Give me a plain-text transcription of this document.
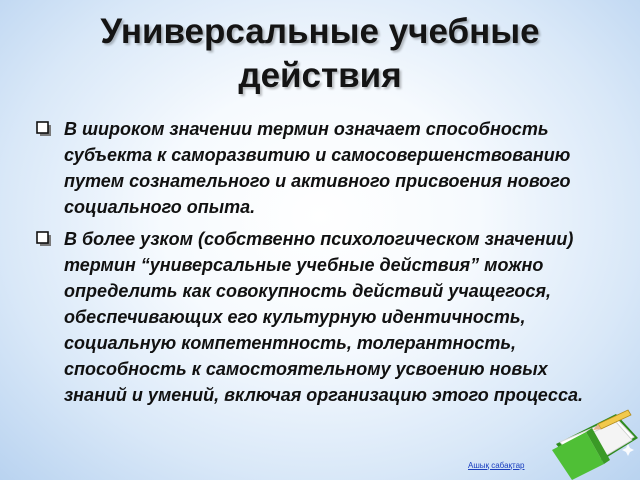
Универсальные учебные
действия
В широком значении термин означает способность субъекта к саморазвитию и самосовершенствованию путем сознательного и активного присвоения нового социального опыта.
В более узком (собственно психологическом значении) термин “универсальные учебные действия” можно определить как совокупность действий учащегося, обеспечивающих его культурную идентичность, социальную компетентность, толерантность, способность к самостоятельному усвоению новых знаний и умений, включая организацию этого процесса.
Ашық сабақтар
